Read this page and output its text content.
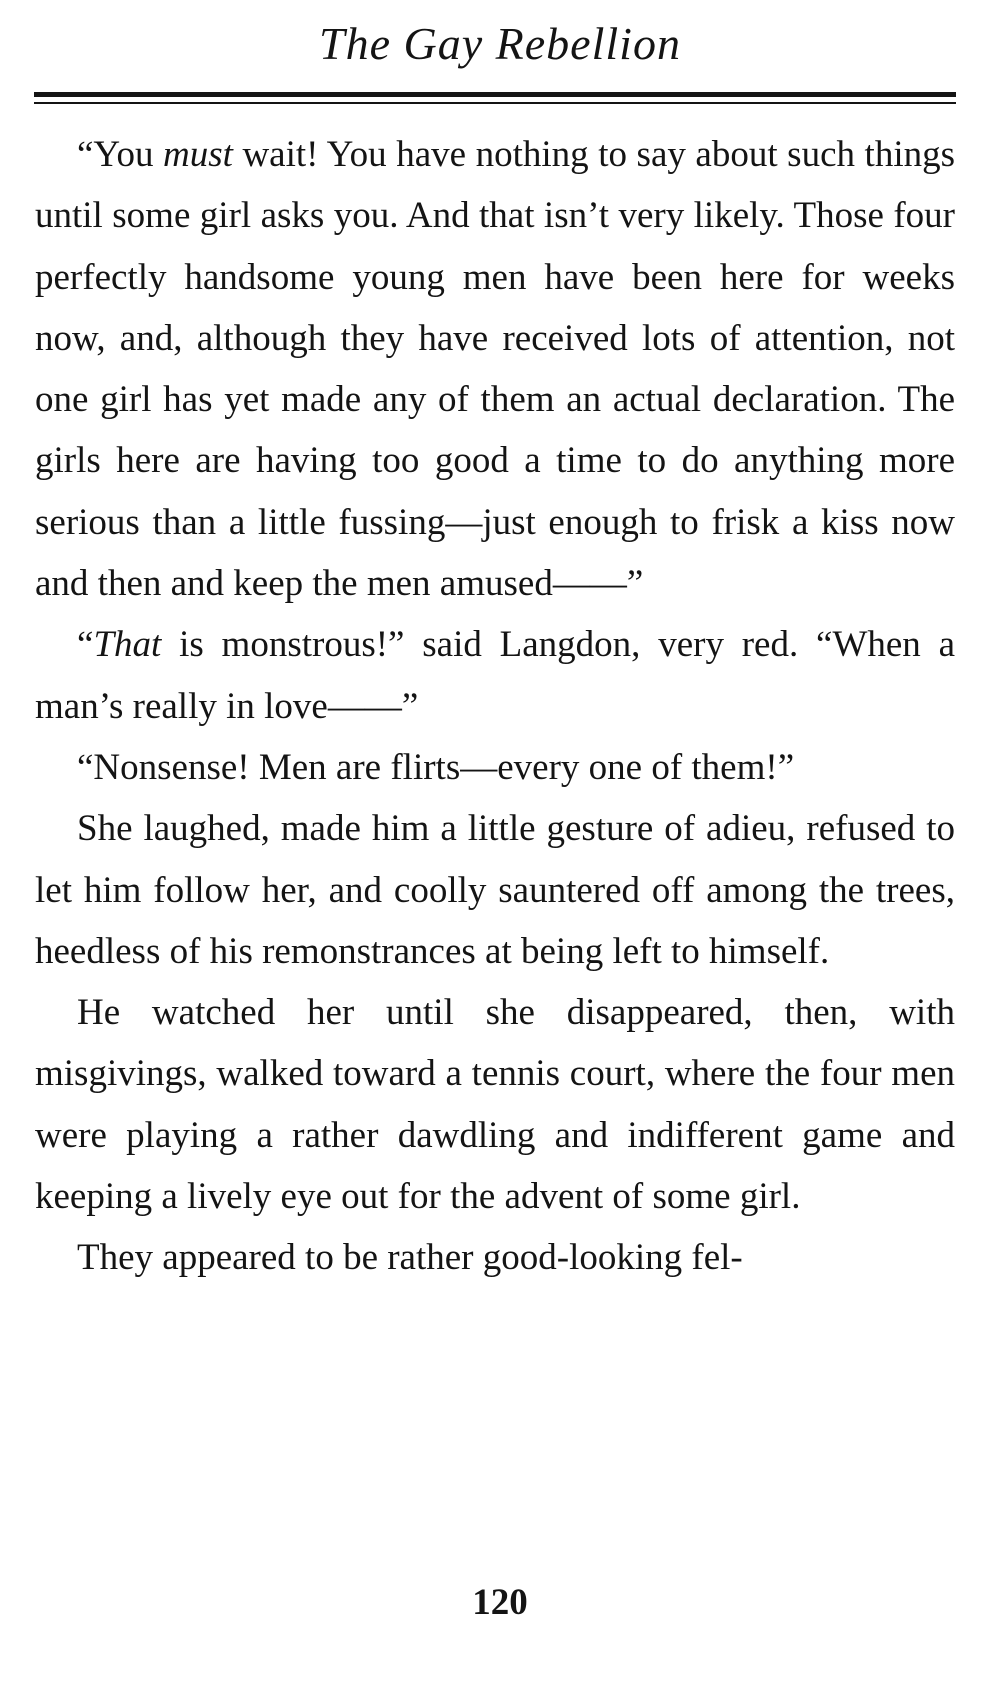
The Gay Rebellion

“You must wait! You have nothing to say about such things until some girl asks you. And that isn’t very likely. Those four perfectly handsome young men have been here for weeks now, and, although they have received lots of attention, not one girl has yet made any of them an actual declaration. The girls here are having too good a time to do anything more serious than a little fussing—just enough to frisk a kiss now and then and keep the men amused——”

“That is monstrous!” said Langdon, very red. “When a man’s really in love——”

“Nonsense! Men are flirts—every one of them!”

She laughed, made him a little gesture of adieu, refused to let him follow her, and coolly sauntered off among the trees, heedless of his remonstrances at being left to himself.

He watched her until she disappeared, then, with misgivings, walked toward a tennis court, where the four men were playing a rather dawdling and indifferent game and keeping a lively eye out for the advent of some girl.

They appeared to be rather good-looking fel-

120
